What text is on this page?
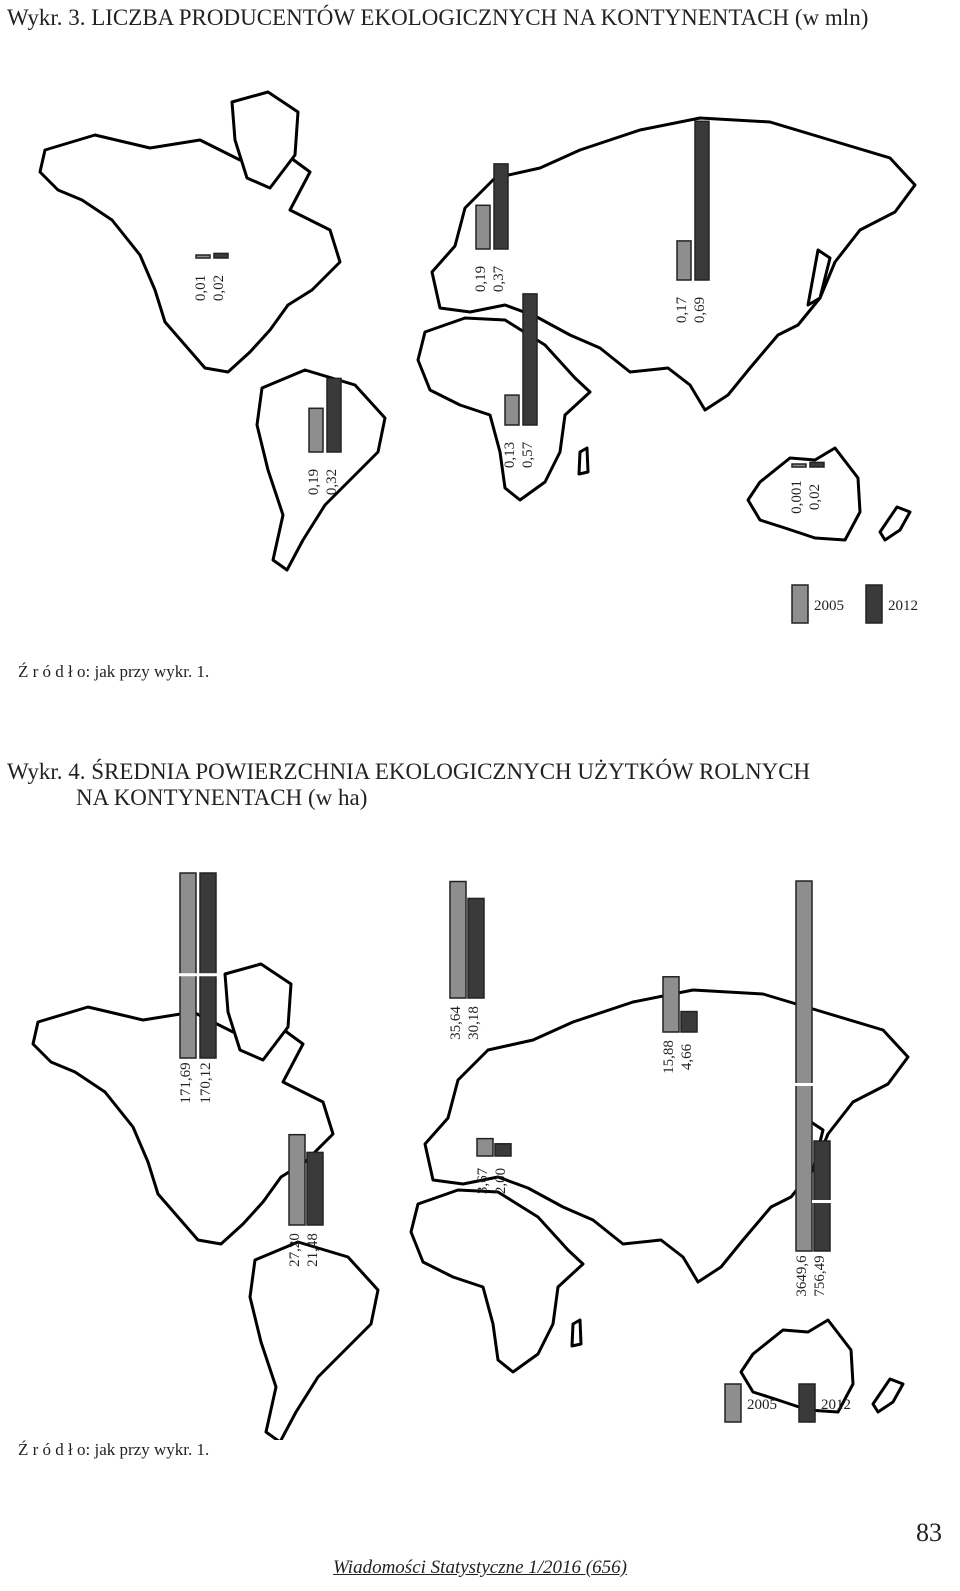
Wykr. 3. LICZBA PRODUCENTÓW EKOLOGICZNYCH NA KONTYNENTACH (w mln)
0,01 0,02	0,19 0,37
0,17 0,69
0,19 0,32
0,13 0,57
0,001 0,02
2005	2012
Ź r ó d ł o: jak przy wykr. 1.
Wykr. 4. ŚREDNIA POWIERZCHNIA EKOLOGICZNYCH UŻYTKÓW ROLNYCH
NA KONTYNENTACH (w ha)
171,69 170,12
35,64 30,18
15,88 4,66
27,20 21,48
3,67 2,00
3649,6 756,49
2005	2012
Ź r ó d ł o: jak przy wykr. 1.
83
Wiadomości Statystyczne 1/2016 (656)
